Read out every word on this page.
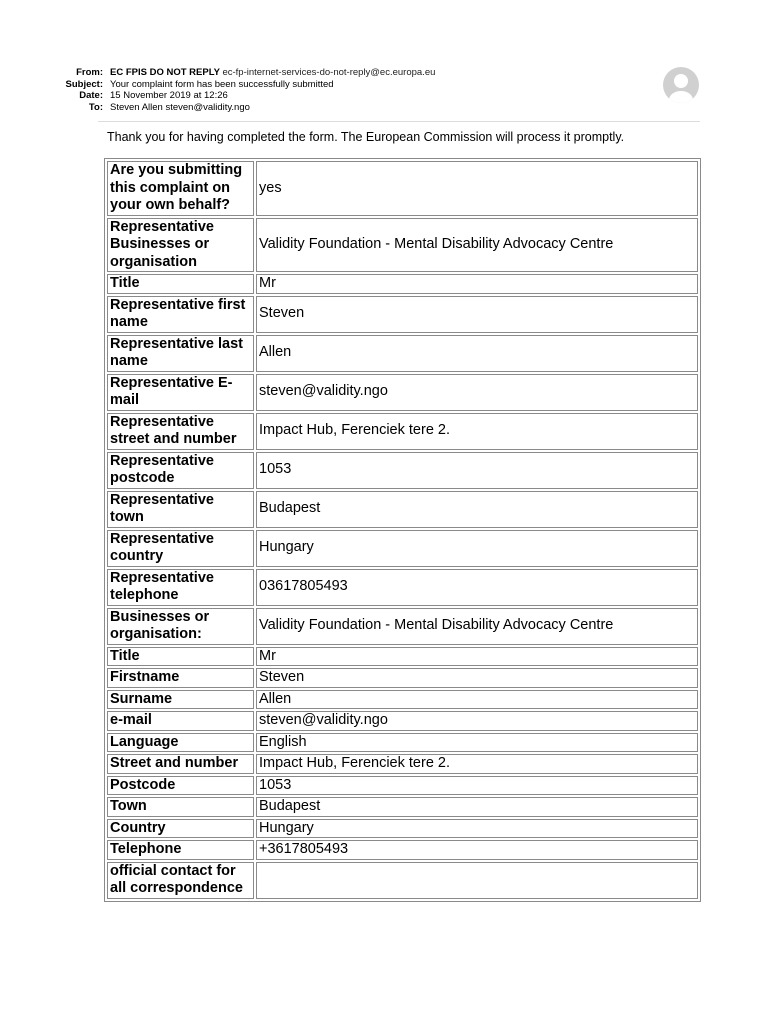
From: EC FPIS DO NOT REPLY ec-fp-internet-services-do-not-reply@ec.europa.eu
Subject: Your complaint form has been successfully submitted
Date: 15 November 2019 at 12:26
To: Steven Allen steven@validity.ngo
Thank you for having completed the form. The European Commission will process it promptly.
Are you submitting this complaint on your own behalf?	yes
Representative Businesses or organisation	Validity Foundation - Mental Disability Advocacy Centre
Title	Mr
Representative first name	Steven
Representative last name	Allen
Representative E-mail	steven@validity.ngo
Representative street and number	Impact Hub, Ferenciek tere 2.
Representative postcode	1053
Representative town	Budapest
Representative country	Hungary
Representative telephone	03617805493
Businesses or organisation:	Validity Foundation - Mental Disability Advocacy Centre
Title	Mr
Firstname	Steven
Surname	Allen
e-mail	steven@validity.ngo
Language	English
Street and number	Impact Hub, Ferenciek tere 2.
Postcode	1053
Town	Budapest
Country	Hungary
Telephone	+3617805493
official contact for all correspondence	
